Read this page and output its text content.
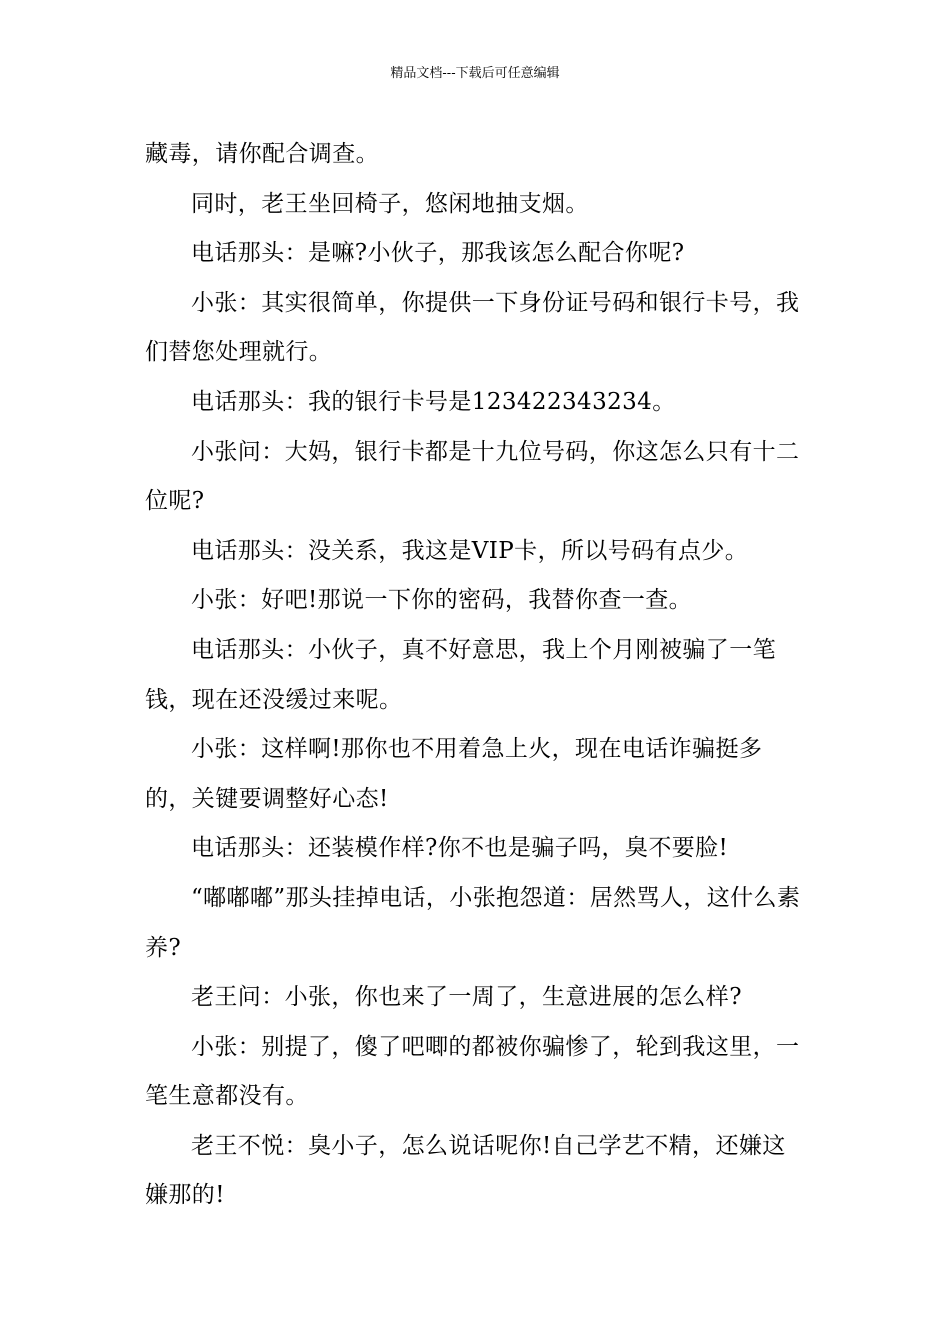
精品文档---下载后可任意编辑

藏毒，请你配合调查。

同时，老王坐回椅子，悠闲地抽支烟。

电话那头：是嘛?小伙子，那我该怎么配合你呢?

小张：其实很简单，你提供一下身份证号码和银行卡号，我们替您处理就行。

电话那头：我的银行卡号是123422343234。

小张问：大妈，银行卡都是十九位号码，你这怎么只有十二位呢?

电话那头：没关系，我这是VIP卡，所以号码有点少。

小张：好吧!那说一下你的密码，我替你查一查。

电话那头：小伙子，真不好意思，我上个月刚被骗了一笔钱，现在还没缓过来呢。

小张：这样啊!那你也不用着急上火，现在电话诈骗挺多的，关键要调整好心态!

电话那头：还装模作样?你不也是骗子吗，臭不要脸!

“嘟嘟嘟”那头挂掉电话，小张抱怨道：居然骂人，这什么素养?

老王问：小张，你也来了一周了，生意进展的怎么样?

小张：别提了，傻了吧唧的都被你骗惨了，轮到我这里，一笔生意都没有。

老王不悦：臭小子，怎么说话呢你!自己学艺不精，还嫌这嫌那的!
